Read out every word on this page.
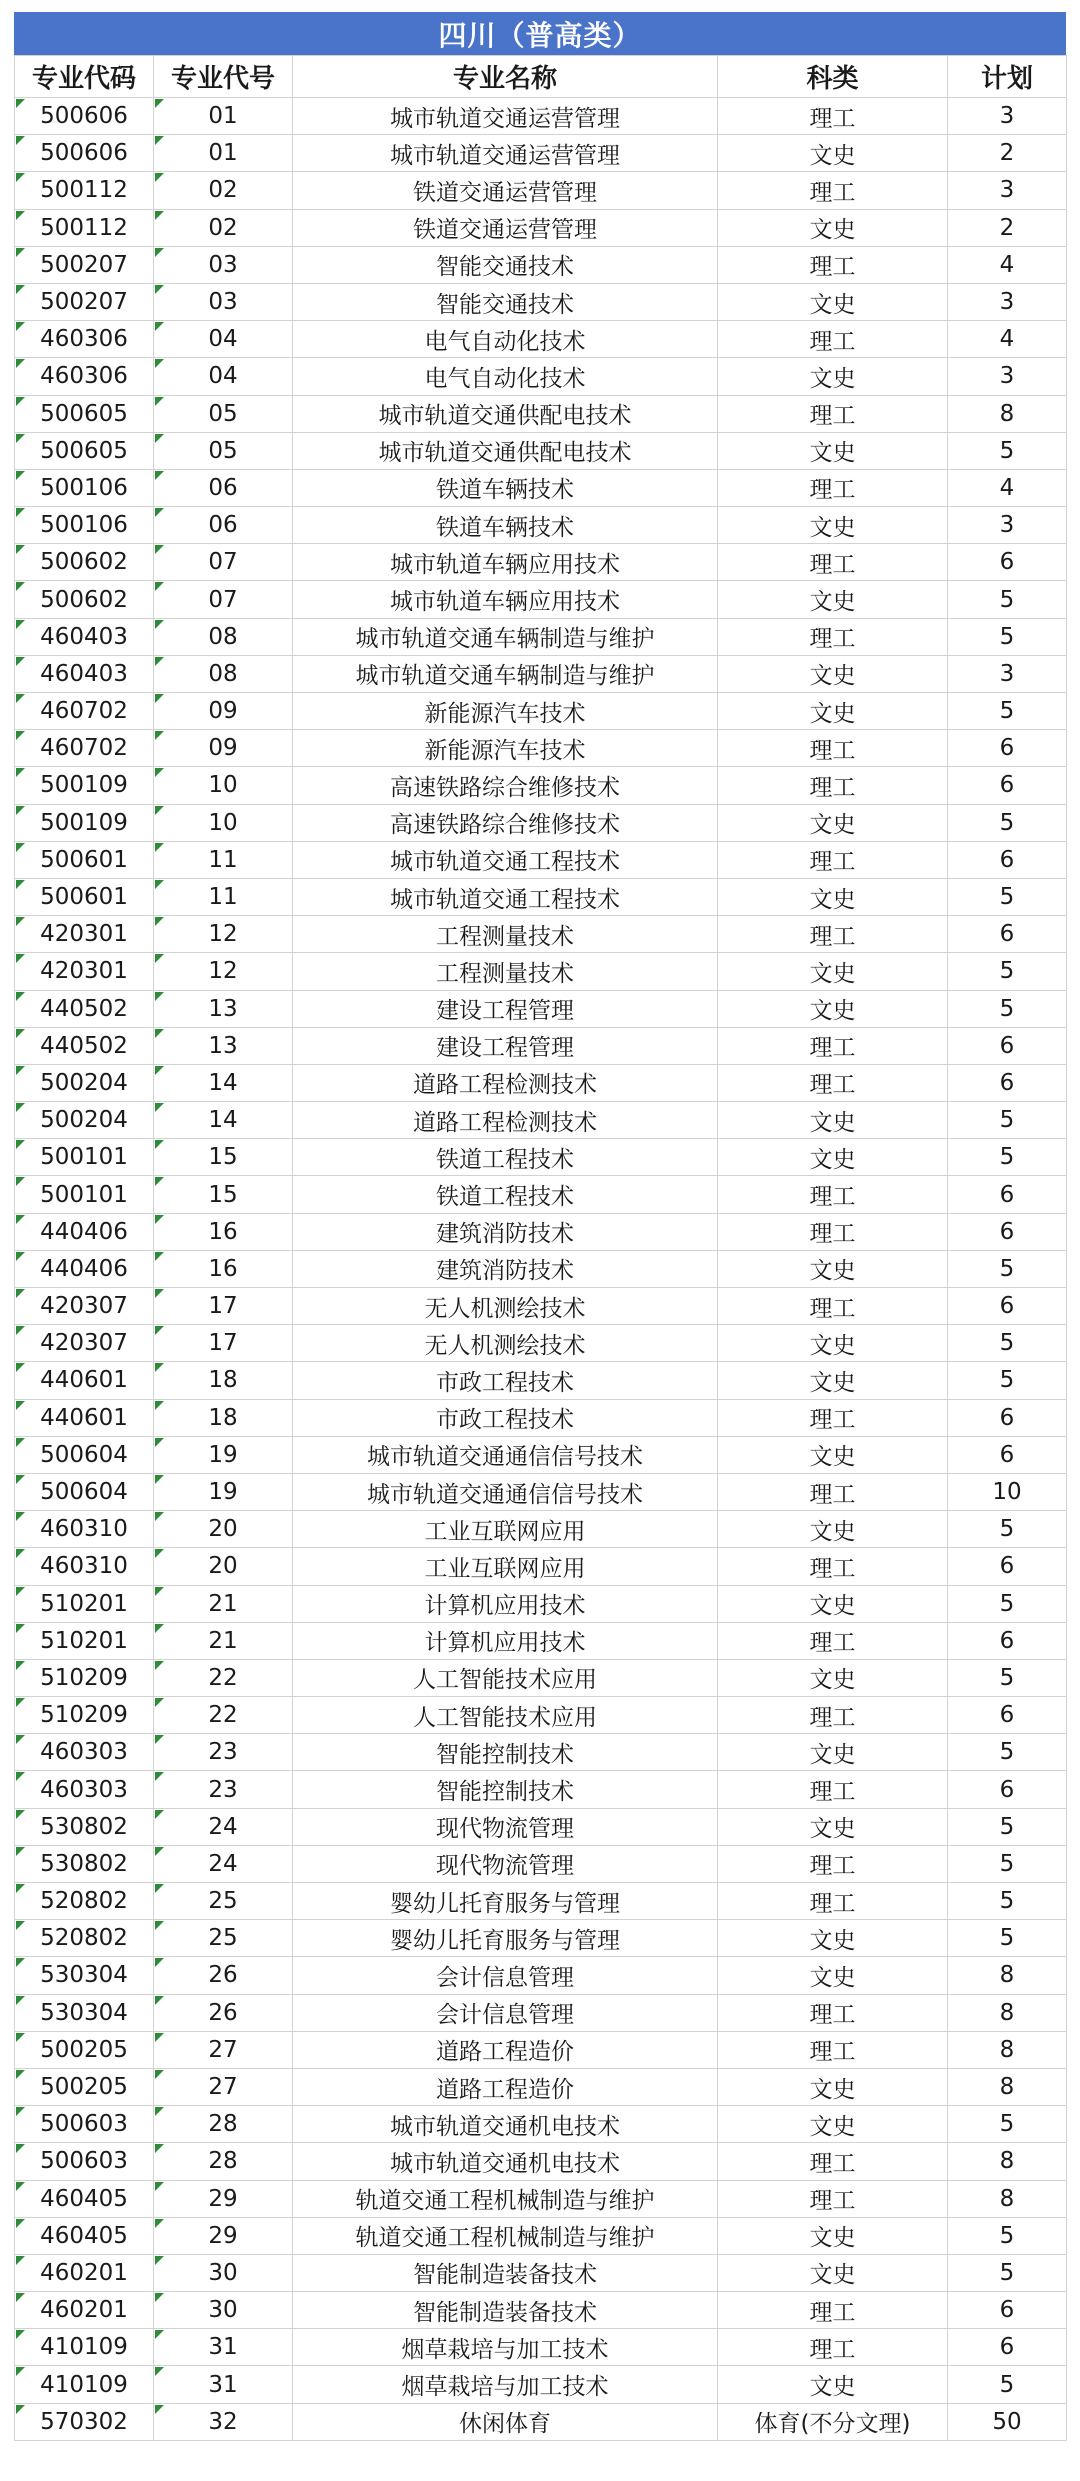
四川（普高类）
专业代码	专业代号	专业名称	科类	计划
500606	01	城市轨道交通运营管理	理工	3
500606	01	城市轨道交通运营管理	文史	2
500112	02	铁道交通运营管理	理工	3
500112	02	铁道交通运营管理	文史	2
500207	03	智能交通技术	理工	4
500207	03	智能交通技术	文史	3
460306	04	电气自动化技术	理工	4
460306	04	电气自动化技术	文史	3
500605	05	城市轨道交通供配电技术	理工	8
500605	05	城市轨道交通供配电技术	文史	5
500106	06	铁道车辆技术	理工	4
500106	06	铁道车辆技术	文史	3
500602	07	城市轨道车辆应用技术	理工	6
500602	07	城市轨道车辆应用技术	文史	5
460403	08	城市轨道交通车辆制造与维护	理工	5
460403	08	城市轨道交通车辆制造与维护	文史	3
460702	09	新能源汽车技术	文史	5
460702	09	新能源汽车技术	理工	6
500109	10	高速铁路综合维修技术	理工	6
500109	10	高速铁路综合维修技术	文史	5
500601	11	城市轨道交通工程技术	理工	6
500601	11	城市轨道交通工程技术	文史	5
420301	12	工程测量技术	理工	6
420301	12	工程测量技术	文史	5
440502	13	建设工程管理	文史	5
440502	13	建设工程管理	理工	6
500204	14	道路工程检测技术	理工	6
500204	14	道路工程检测技术	文史	5
500101	15	铁道工程技术	文史	5
500101	15	铁道工程技术	理工	6
440406	16	建筑消防技术	理工	6
440406	16	建筑消防技术	文史	5
420307	17	无人机测绘技术	理工	6
420307	17	无人机测绘技术	文史	5
440601	18	市政工程技术	文史	5
440601	18	市政工程技术	理工	6
500604	19	城市轨道交通通信信号技术	文史	6
500604	19	城市轨道交通通信信号技术	理工	10
460310	20	工业互联网应用	文史	5
460310	20	工业互联网应用	理工	6
510201	21	计算机应用技术	文史	5
510201	21	计算机应用技术	理工	6
510209	22	人工智能技术应用	文史	5
510209	22	人工智能技术应用	理工	6
460303	23	智能控制技术	文史	5
460303	23	智能控制技术	理工	6
530802	24	现代物流管理	文史	5
530802	24	现代物流管理	理工	5
520802	25	婴幼儿托育服务与管理	理工	5
520802	25	婴幼儿托育服务与管理	文史	5
530304	26	会计信息管理	文史	8
530304	26	会计信息管理	理工	8
500205	27	道路工程造价	理工	8
500205	27	道路工程造价	文史	8
500603	28	城市轨道交通机电技术	文史	5
500603	28	城市轨道交通机电技术	理工	8
460405	29	轨道交通工程机械制造与维护	理工	8
460405	29	轨道交通工程机械制造与维护	文史	5
460201	30	智能制造装备技术	文史	5
460201	30	智能制造装备技术	理工	6
410109	31	烟草栽培与加工技术	理工	6
410109	31	烟草栽培与加工技术	文史	5
570302	32	休闲体育	体育(不分文理)	50
